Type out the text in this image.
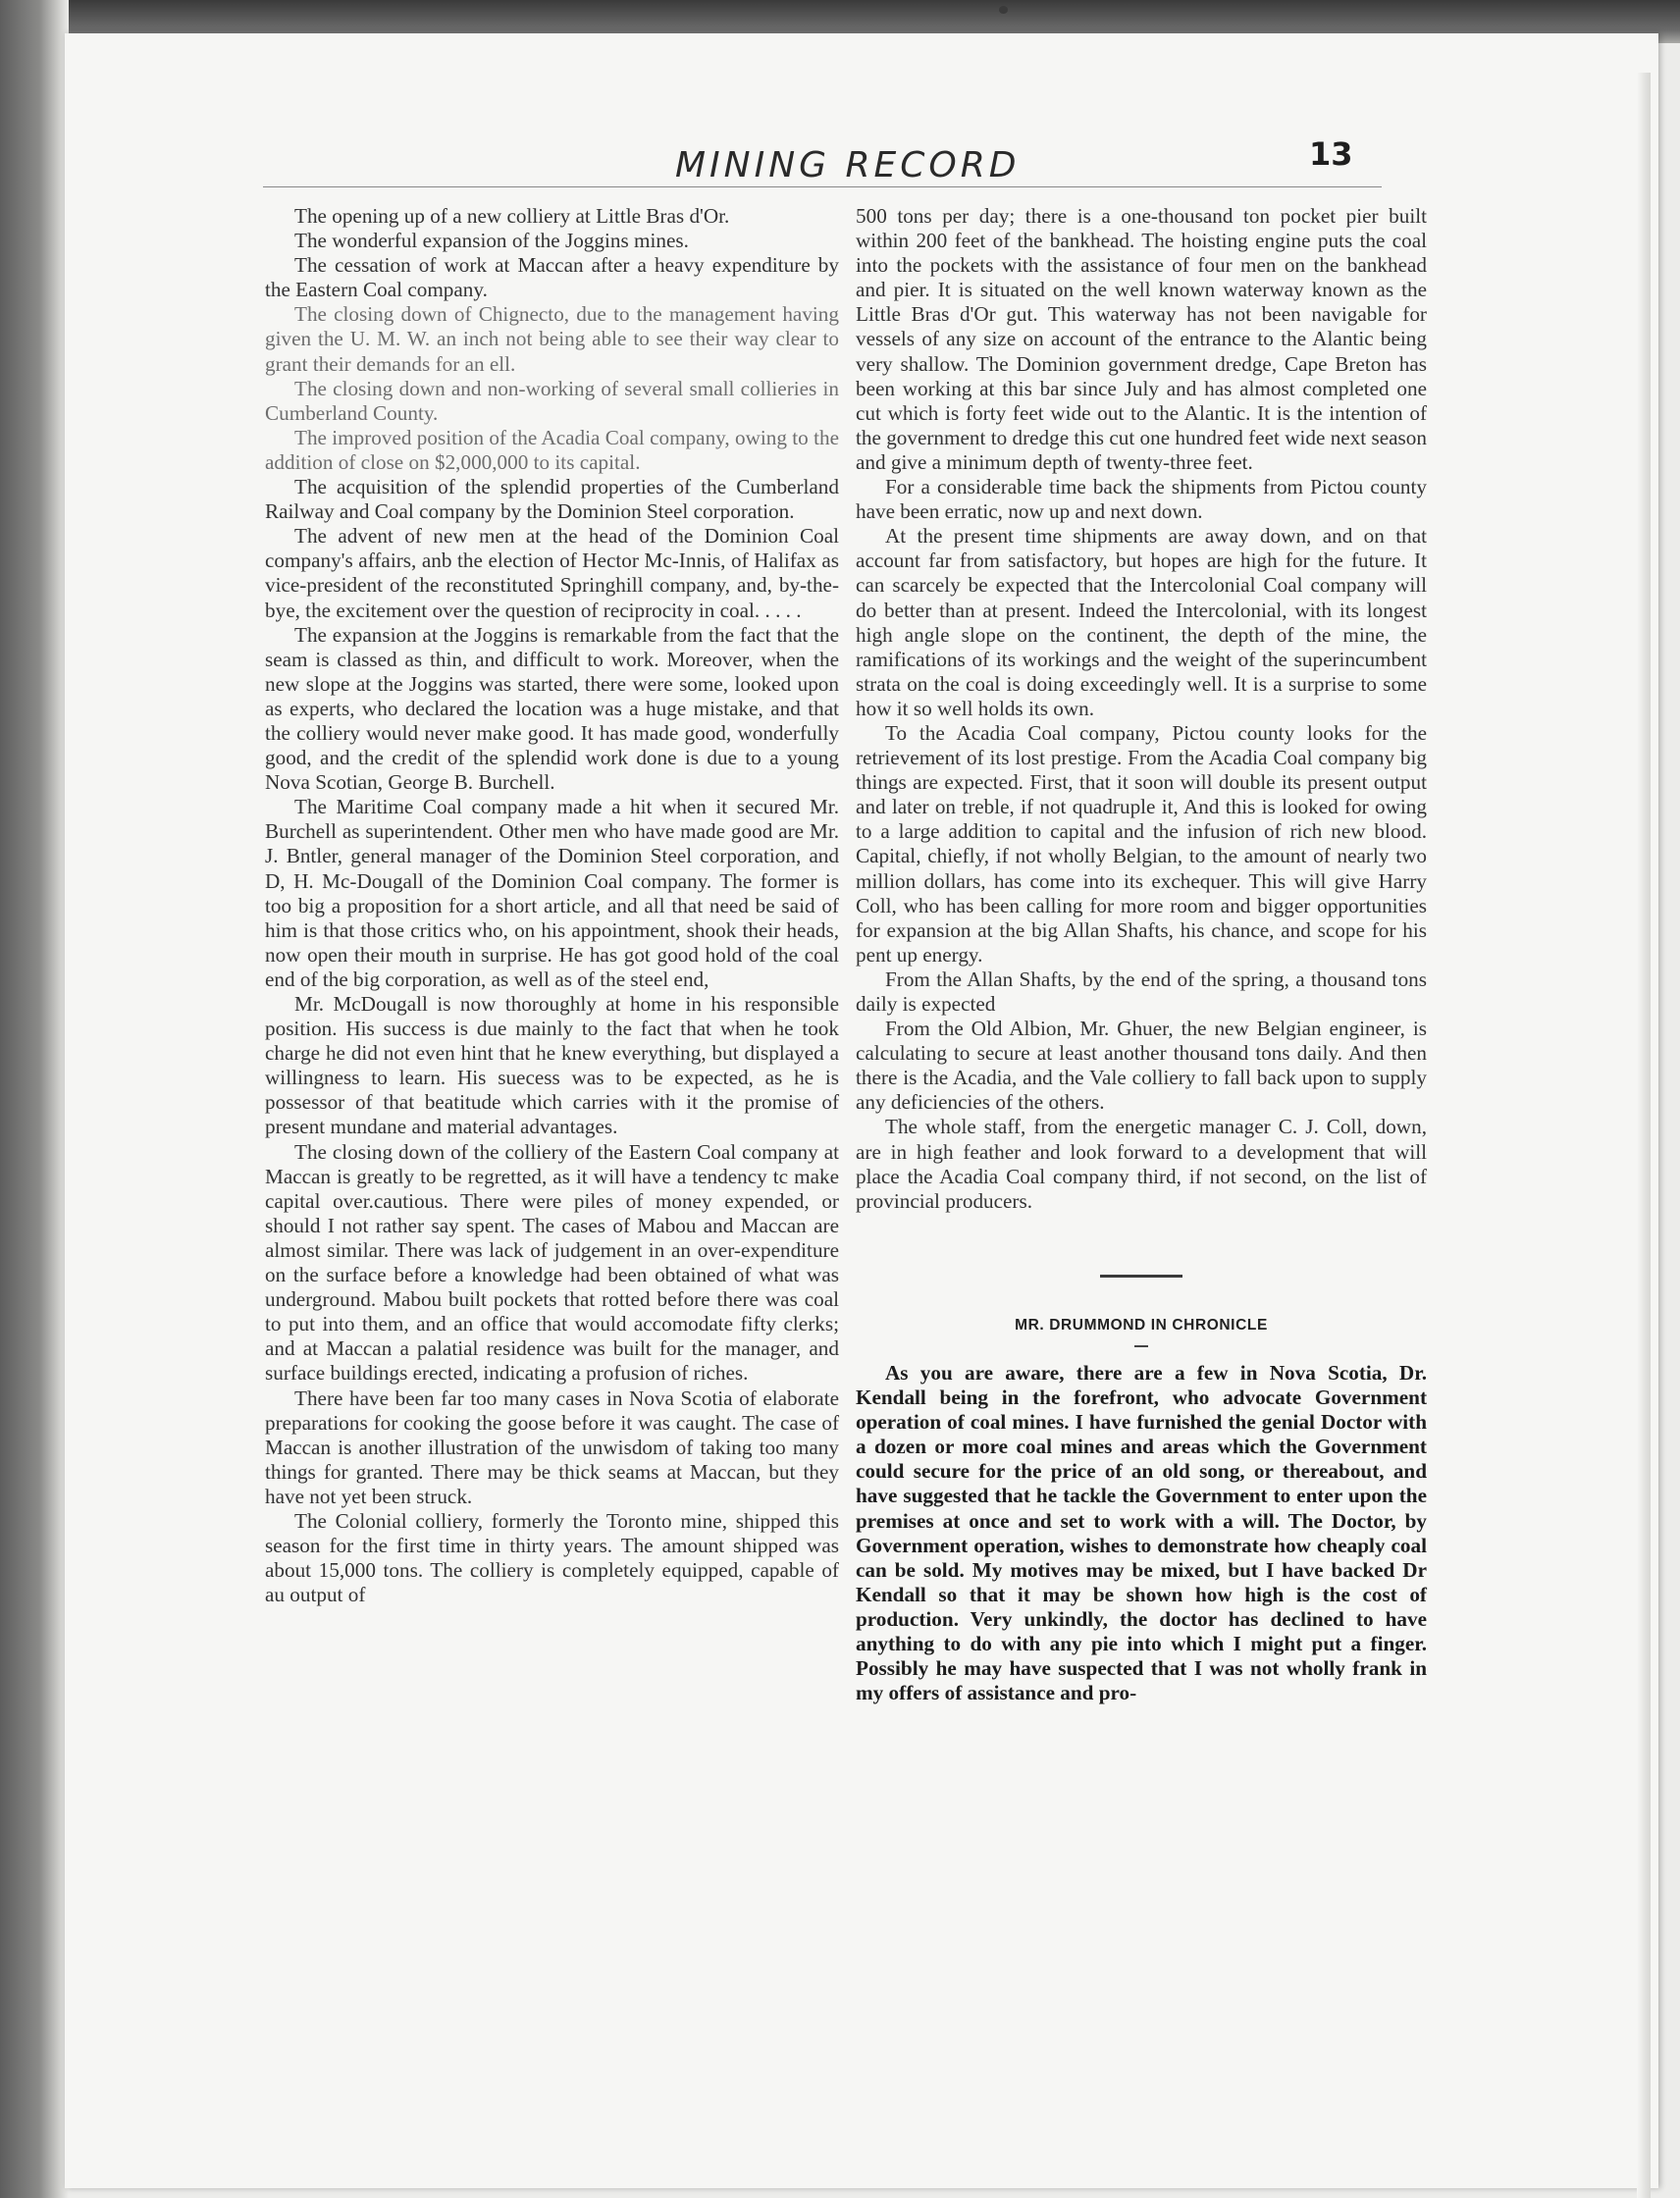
MINING RECORD	13

The opening up of a new colliery at Little Bras d'Or.

The wonderful expansion of the Joggins mines.

The cessation of work at Maccan after a heavy expenditure by the Eastern Coal company.

The closing down of Chignecto, due to the management having given the U. M. W. an inch not being able to see their way clear to grant their demands for an ell.

The closing down and non-working of several small collieries in Cumberland County.

The improved position of the Acadia Coal company, owing to the addition of close on $2,000,000 to its capital.

The acquisition of the splendid properties of the Cumberland Railway and Coal company by the Dominion Steel corporation.

The advent of new men at the head of the Dominion Coal company's affairs, anb the election of Hector Mc-Innis, of Halifax as vice-president of the reconstituted Springhill company, and, by-the-bye, the excitement over the question of reciprocity in coal. . . . .

The expansion at the Joggins is remarkable from the fact that the seam is classed as thin, and difficult to work. Moreover, when the new slope at the Joggins was started, there were some, looked upon as experts, who declared the location was a huge mistake, and that the colliery would never make good. It has made good, wonderfully good, and the credit of the splendid work done is due to a young Nova Scotian, George B. Burchell.

The Maritime Coal company made a hit when it secured Mr. Burchell as superintendent. Other men who have made good are Mr. J. Bntler, general manager of the Dominion Steel corporation, and D, H. Mc-Dougall of the Dominion Coal company. The former is too big a proposition for a short article, and all that need be said of him is that those critics who, on his appointment, shook their heads, now open their mouth in surprise. He has got good hold of the coal end of the big corporation, as well as of the steel end,

Mr. McDougall is now thoroughly at home in his responsible position. His success is due mainly to the fact that when he took charge he did not even hint that he knew everything, but displayed a willingness to learn. His suecess was to be expected, as he is possessor of that beatitude which carries with it the promise of present mundane and material advantages.

The closing down of the colliery of the Eastern Coal company at Maccan is greatly to be regretted, as it will have a tendency tc make capital over.cautious. There were piles of money expended, or should I not rather say spent. The cases of Mabou and Maccan are almost similar. There was lack of judgement in an over-expenditure on the surface before a knowledge had been obtained of what was underground. Mabou built pockets that rotted before there was coal to put into them, and an office that would accomodate fifty clerks; and at Maccan a palatial residence was built for the manager, and surface buildings erected, indicating a profusion of riches.

There have been far too many cases in Nova Scotia of elaborate preparations for cooking the goose before it was caught. The case of Maccan is another illustration of the unwisdom of taking too many things for granted. There may be thick seams at Maccan, but they have not yet been struck.

The Colonial colliery, formerly the Toronto mine, shipped this season for the first time in thirty years. The amount shipped was about 15,000 tons. The colliery is completely equipped, capable of au output of

500 tons per day; there is a one-thousand ton pocket pier built within 200 feet of the bankhead. The hoisting engine puts the coal into the pockets with the assistance of four men on the bankhead and pier. It is situated on the well known waterway known as the Little Bras d'Or gut. This waterway has not been navigable for vessels of any size on account of the entrance to the Alantic being very shallow. The Dominion government dredge, Cape Breton has been working at this bar since July and has almost completed one cut which is forty feet wide out to the Alantic. It is the intention of the government to dredge this cut one hundred feet wide next season and give a minimum depth of twenty-three feet.

For a considerable time back the shipments from Pictou county have been erratic, now up and next down.

At the present time shipments are away down, and on that account far from satisfactory, but hopes are high for the future. It can scarcely be expected that the Intercolonial Coal company will do better than at present. Indeed the Intercolonial, with its longest high angle slope on the continent, the depth of the mine, the ramifications of its workings and the weight of the superincumbent strata on the coal is doing exceedingly well. It is a surprise to some how it so well holds its own.

To the Acadia Coal company, Pictou county looks for the retrievement of its lost prestige. From the Acadia Coal company big things are expected. First, that it soon will double its present output and later on treble, if not quadruple it, And this is looked for owing to a large addition to capital and the infusion of rich new blood. Capital, chiefly, if not wholly Belgian, to the amount of nearly two million dollars, has come into its exchequer. This will give Harry Coll, who has been calling for more room and bigger opportunities for expansion at the big Allan Shafts, his chance, and scope for his pent up energy.

From the Allan Shafts, by the end of the spring, a thousand tons daily is expected

From the Old Albion, Mr. Ghuer, the new Belgian engineer, is calculating to secure at least another thousand tons daily. And then there is the Acadia, and the Vale colliery to fall back upon to supply any deficiencies of the others.

The whole staff, from the energetic manager C. J. Coll, down, are in high feather and look forward to a development that will place the Acadia Coal company third, if not second, on the list of provincial producers.

MR. DRUMMOND IN CHRONICLE

As you are aware, there are a few in Nova Scotia, Dr. Kendall being in the forefront, who advocate Government operation of coal mines. I have furnished the genial Doctor with a dozen or more coal mines and areas which the Government could secure for the price of an old song, or thereabout, and have suggested that he tackle the Government to enter upon the premises at once and set to work with a will. The Doctor, by Government operation, wishes to demonstrate how cheaply coal can be sold. My motives may be mixed, but I have backed Dr Kendall so that it may be shown how high is the cost of production. Very unkindly, the doctor has declined to have anything to do with any pie into which I might put a finger. Possibly he may have suspected that I was not wholly frank in my offers of assistance and pro-
